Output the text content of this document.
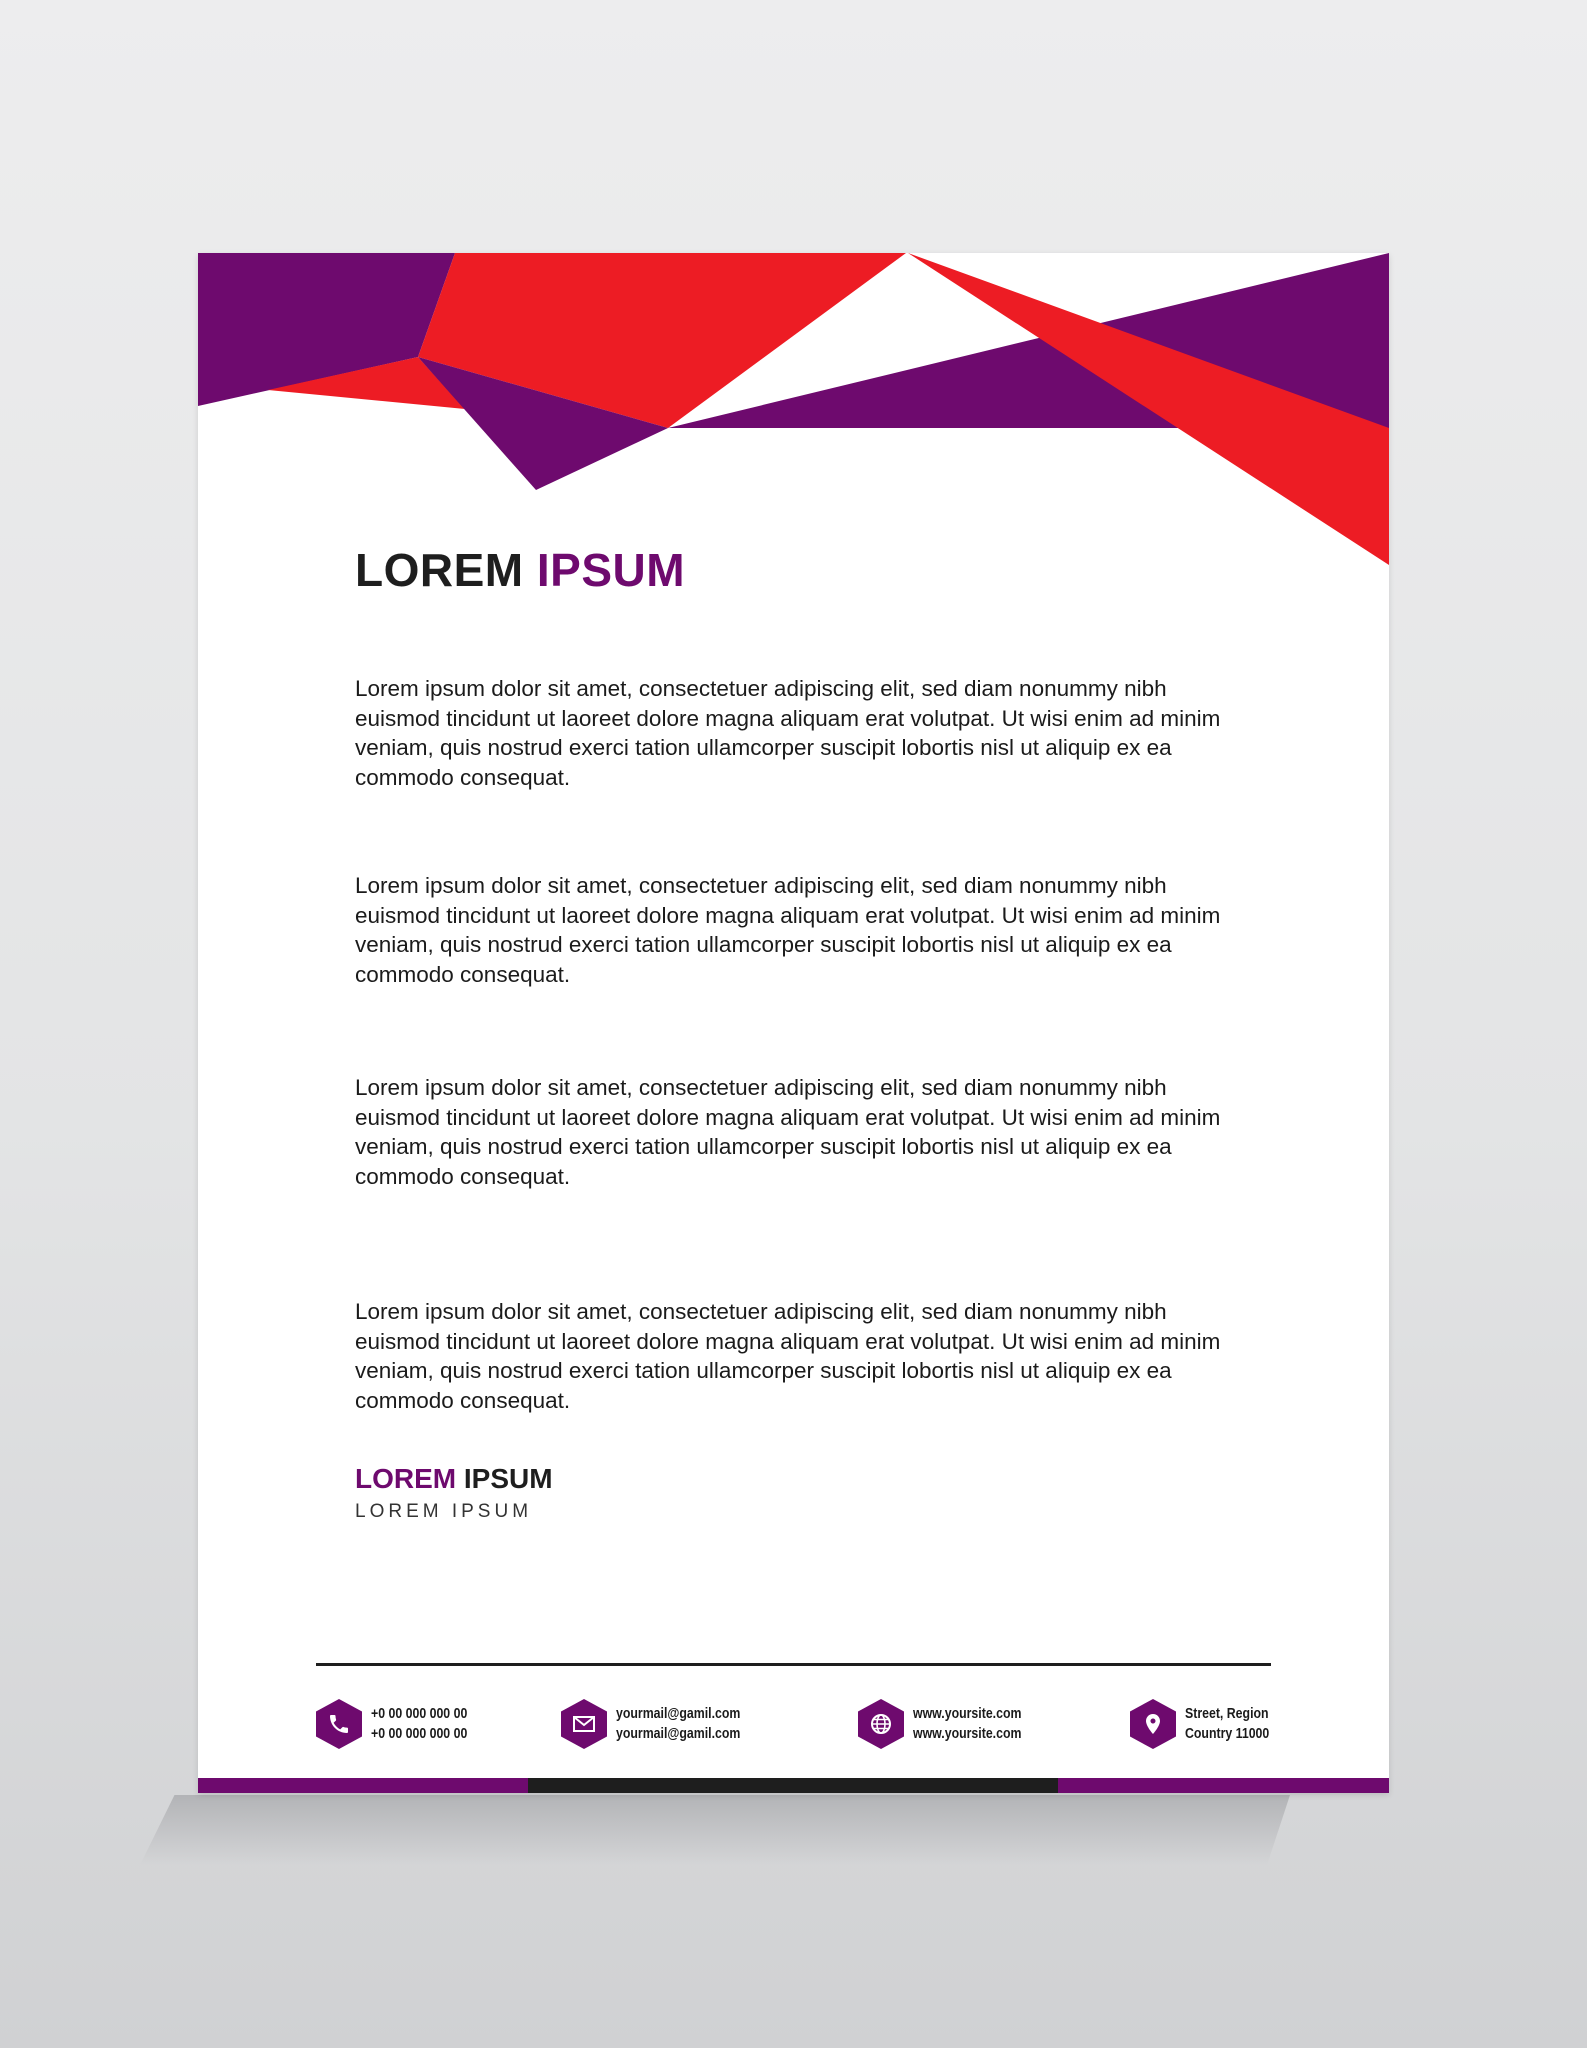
LOREM IPSUM

Lorem ipsum dolor sit amet, consectetuer adipiscing elit, sed diam nonummy nibh euismod tincidunt ut laoreet dolore magna aliquam erat volutpat. Ut wisi enim ad minim veniam, quis nostrud exerci tation ullamcorper suscipit lobortis nisl ut aliquip ex ea commodo consequat.

Lorem ipsum dolor sit amet, consectetuer adipiscing elit, sed diam nonummy nibh euismod tincidunt ut laoreet dolore magna aliquam erat volutpat. Ut wisi enim ad minim veniam, quis nostrud exerci tation ullamcorper suscipit lobortis nisl ut aliquip ex ea commodo consequat.

Lorem ipsum dolor sit amet, consectetuer adipiscing elit, sed diam nonummy nibh euismod tincidunt ut laoreet dolore magna aliquam erat volutpat. Ut wisi enim ad minim veniam, quis nostrud exerci tation ullamcorper suscipit lobortis nisl ut aliquip ex ea commodo consequat.

Lorem ipsum dolor sit amet, consectetuer adipiscing elit, sed diam nonummy nibh euismod tincidunt ut laoreet dolore magna aliquam erat volutpat. Ut wisi enim ad minim veniam, quis nostrud exerci tation ullamcorper suscipit lobortis nisl ut aliquip ex ea commodo consequat.

LOREM IPSUM
LOREM IPSUM
+0 00 000 000 00
+0 00 000 000 00
yourmail@gamil.com
yourmail@gamil.com
www.yoursite.com
www.yoursite.com
Street, Region
Country 11000
